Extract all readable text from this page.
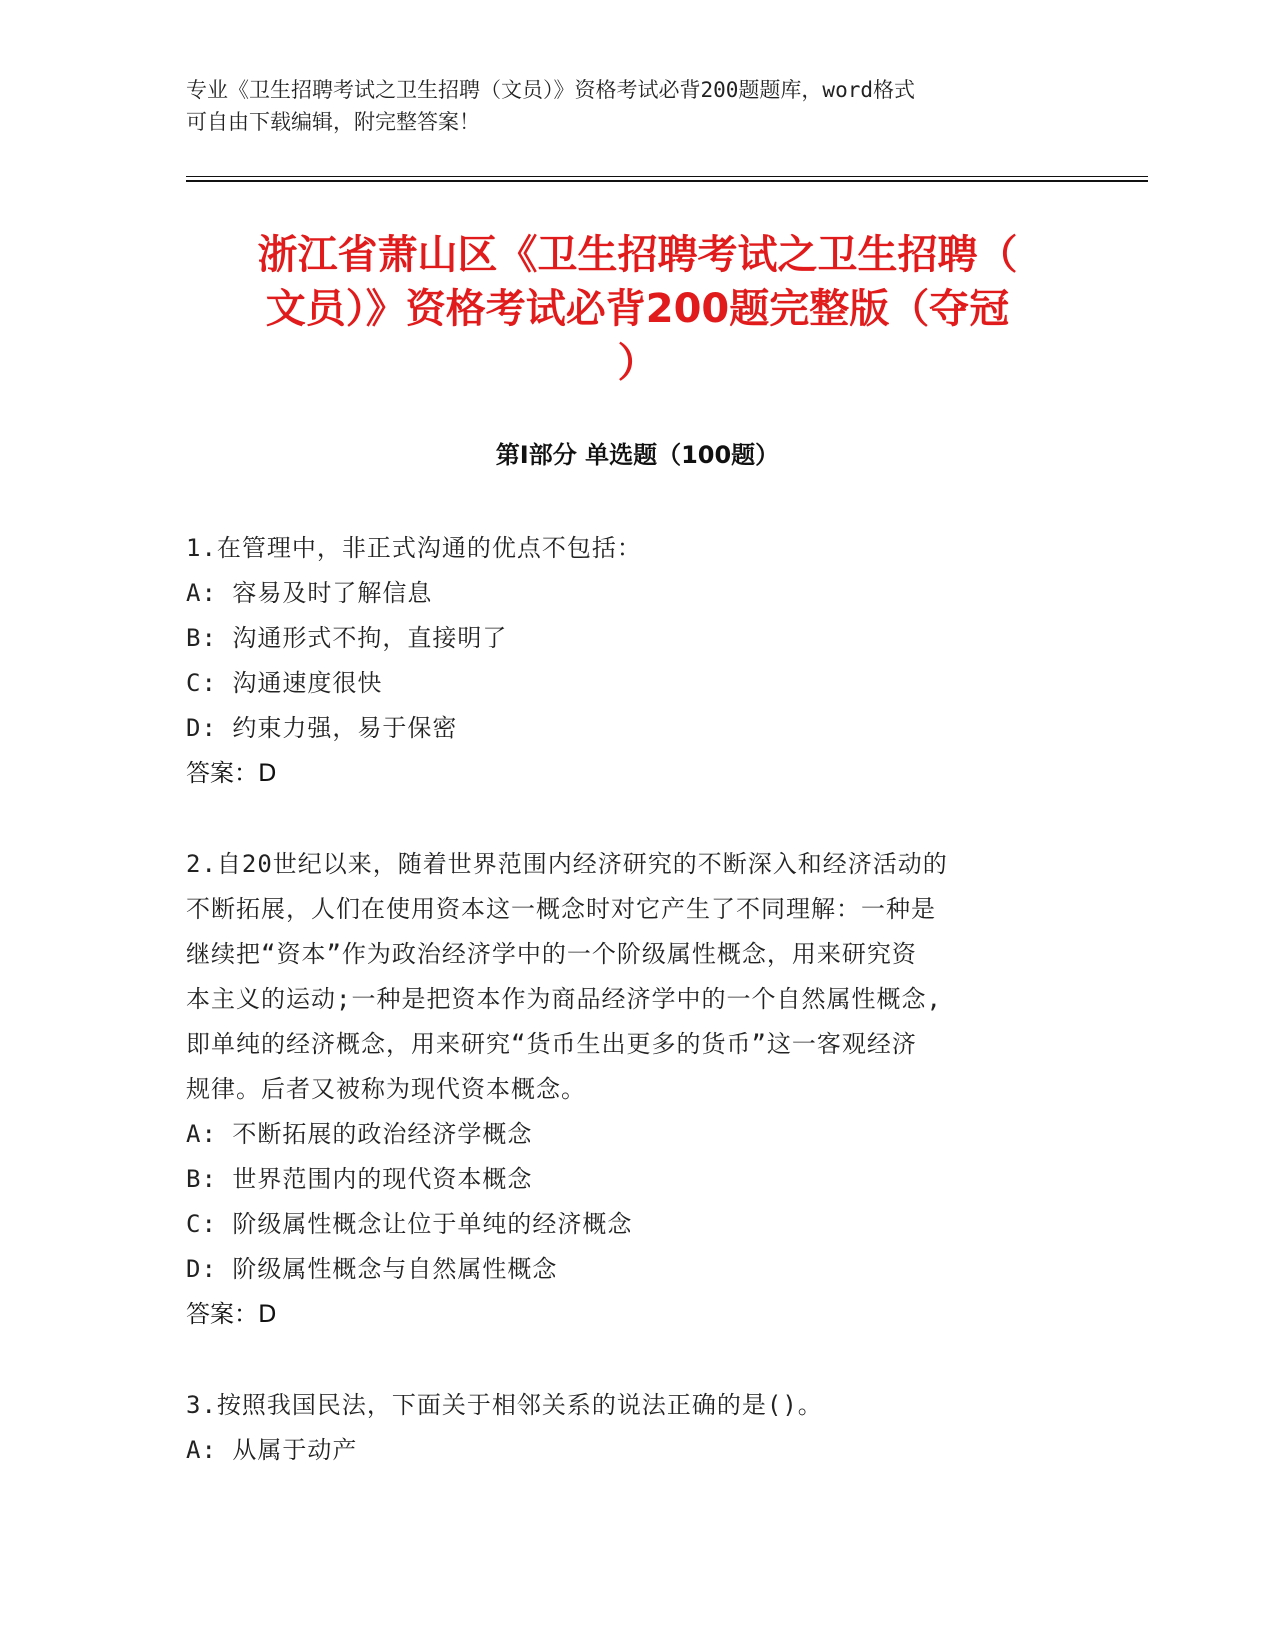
专业《卫生招聘考试之卫生招聘（文员）》资格考试必背200题题库，word格式
可自由下载编辑，附完整答案！
浙江省萧山区《卫生招聘考试之卫生招聘（
文员）》资格考试必背200题完整版（夺冠
）
第I部分 单选题（100题）
1.在管理中，非正式沟通的优点不包括：
A: 容易及时了解信息
B: 沟通形式不拘，直接明了
C: 沟通速度很快
D: 约束力强，易于保密
答案：D
2.自20世纪以来，随着世界范围内经济研究的不断深入和经济活动的
不断拓展，人们在使用资本这一概念时对它产生了不同理解：一种是
继续把“资本”作为政治经济学中的一个阶级属性概念，用来研究资
本主义的运动;一种是把资本作为商品经济学中的一个自然属性概念,
即单纯的经济概念，用来研究“货币生出更多的货币”这一客观经济
规律。后者又被称为现代资本概念。
A: 不断拓展的政治经济学概念
B: 世界范围内的现代资本概念
C: 阶级属性概念让位于单纯的经济概念
D: 阶级属性概念与自然属性概念
答案：D
3.按照我国民法，下面关于相邻关系的说法正确的是()。
A: 从属于动产
